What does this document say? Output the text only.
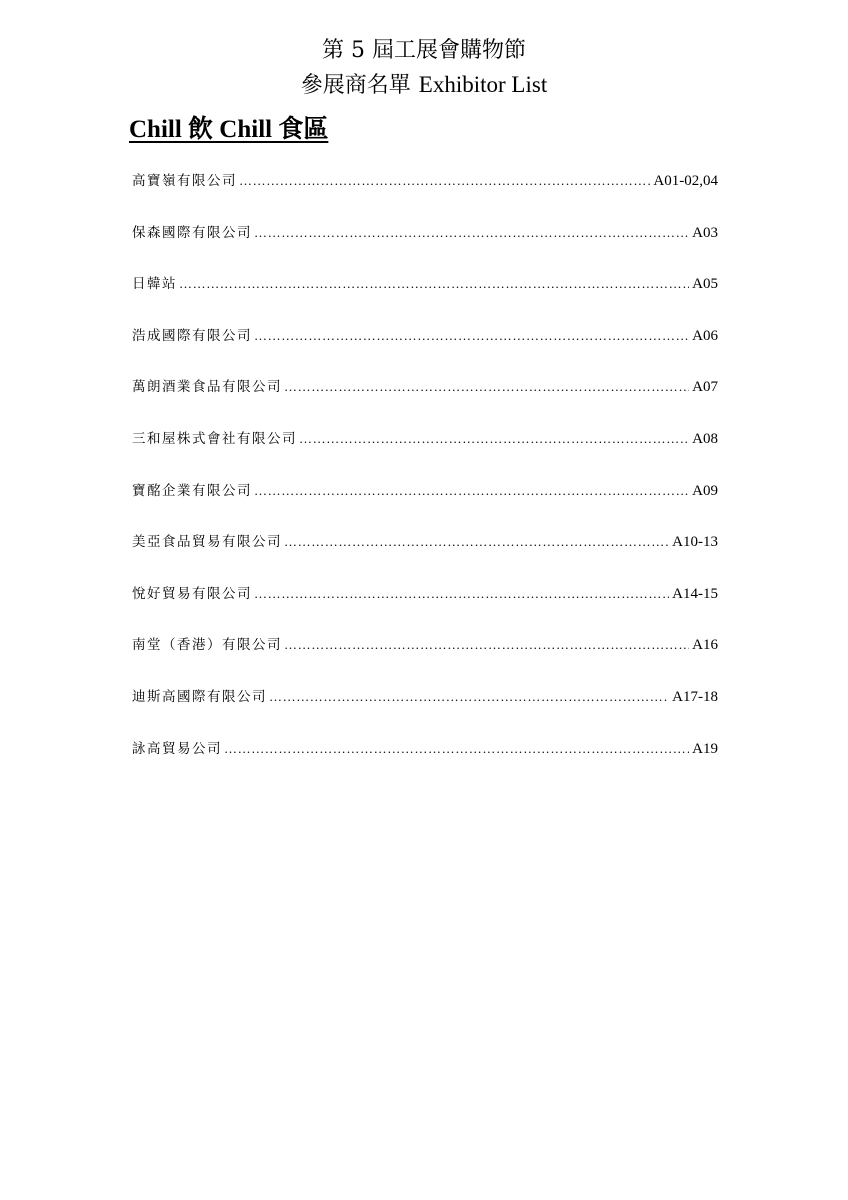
第 5 屆工展會購物節
參展商名單 Exhibitor List
Chill 飲 Chill 食區
高寶嶺有限公司 …………………………………………………………………………………………………………………………………………………………………………………………	A01-02,04
保森國際有限公司 …………………………………………………………………………………………………………………………………………………………………………………………	A03
日韓站 …………………………………………………………………………………………………………………………………………………………………………………………	A05
浩成國際有限公司 …………………………………………………………………………………………………………………………………………………………………………………………	A06
萬朗酒業食品有限公司 …………………………………………………………………………………………………………………………………………………………………………………………	A07
三和屋株式會社有限公司 …………………………………………………………………………………………………………………………………………………………………………………………	A08
寶酩企業有限公司 …………………………………………………………………………………………………………………………………………………………………………………………	A09
美亞食品貿易有限公司 …………………………………………………………………………………………………………………………………………………………………………………………	A10-13
悅好貿易有限公司 …………………………………………………………………………………………………………………………………………………………………………………………	A14-15
南堂（香港）有限公司 …………………………………………………………………………………………………………………………………………………………………………………………	A16
迪斯高國際有限公司 …………………………………………………………………………………………………………………………………………………………………………………………	A17-18
詠高貿易公司 …………………………………………………………………………………………………………………………………………………………………………………………	A19
